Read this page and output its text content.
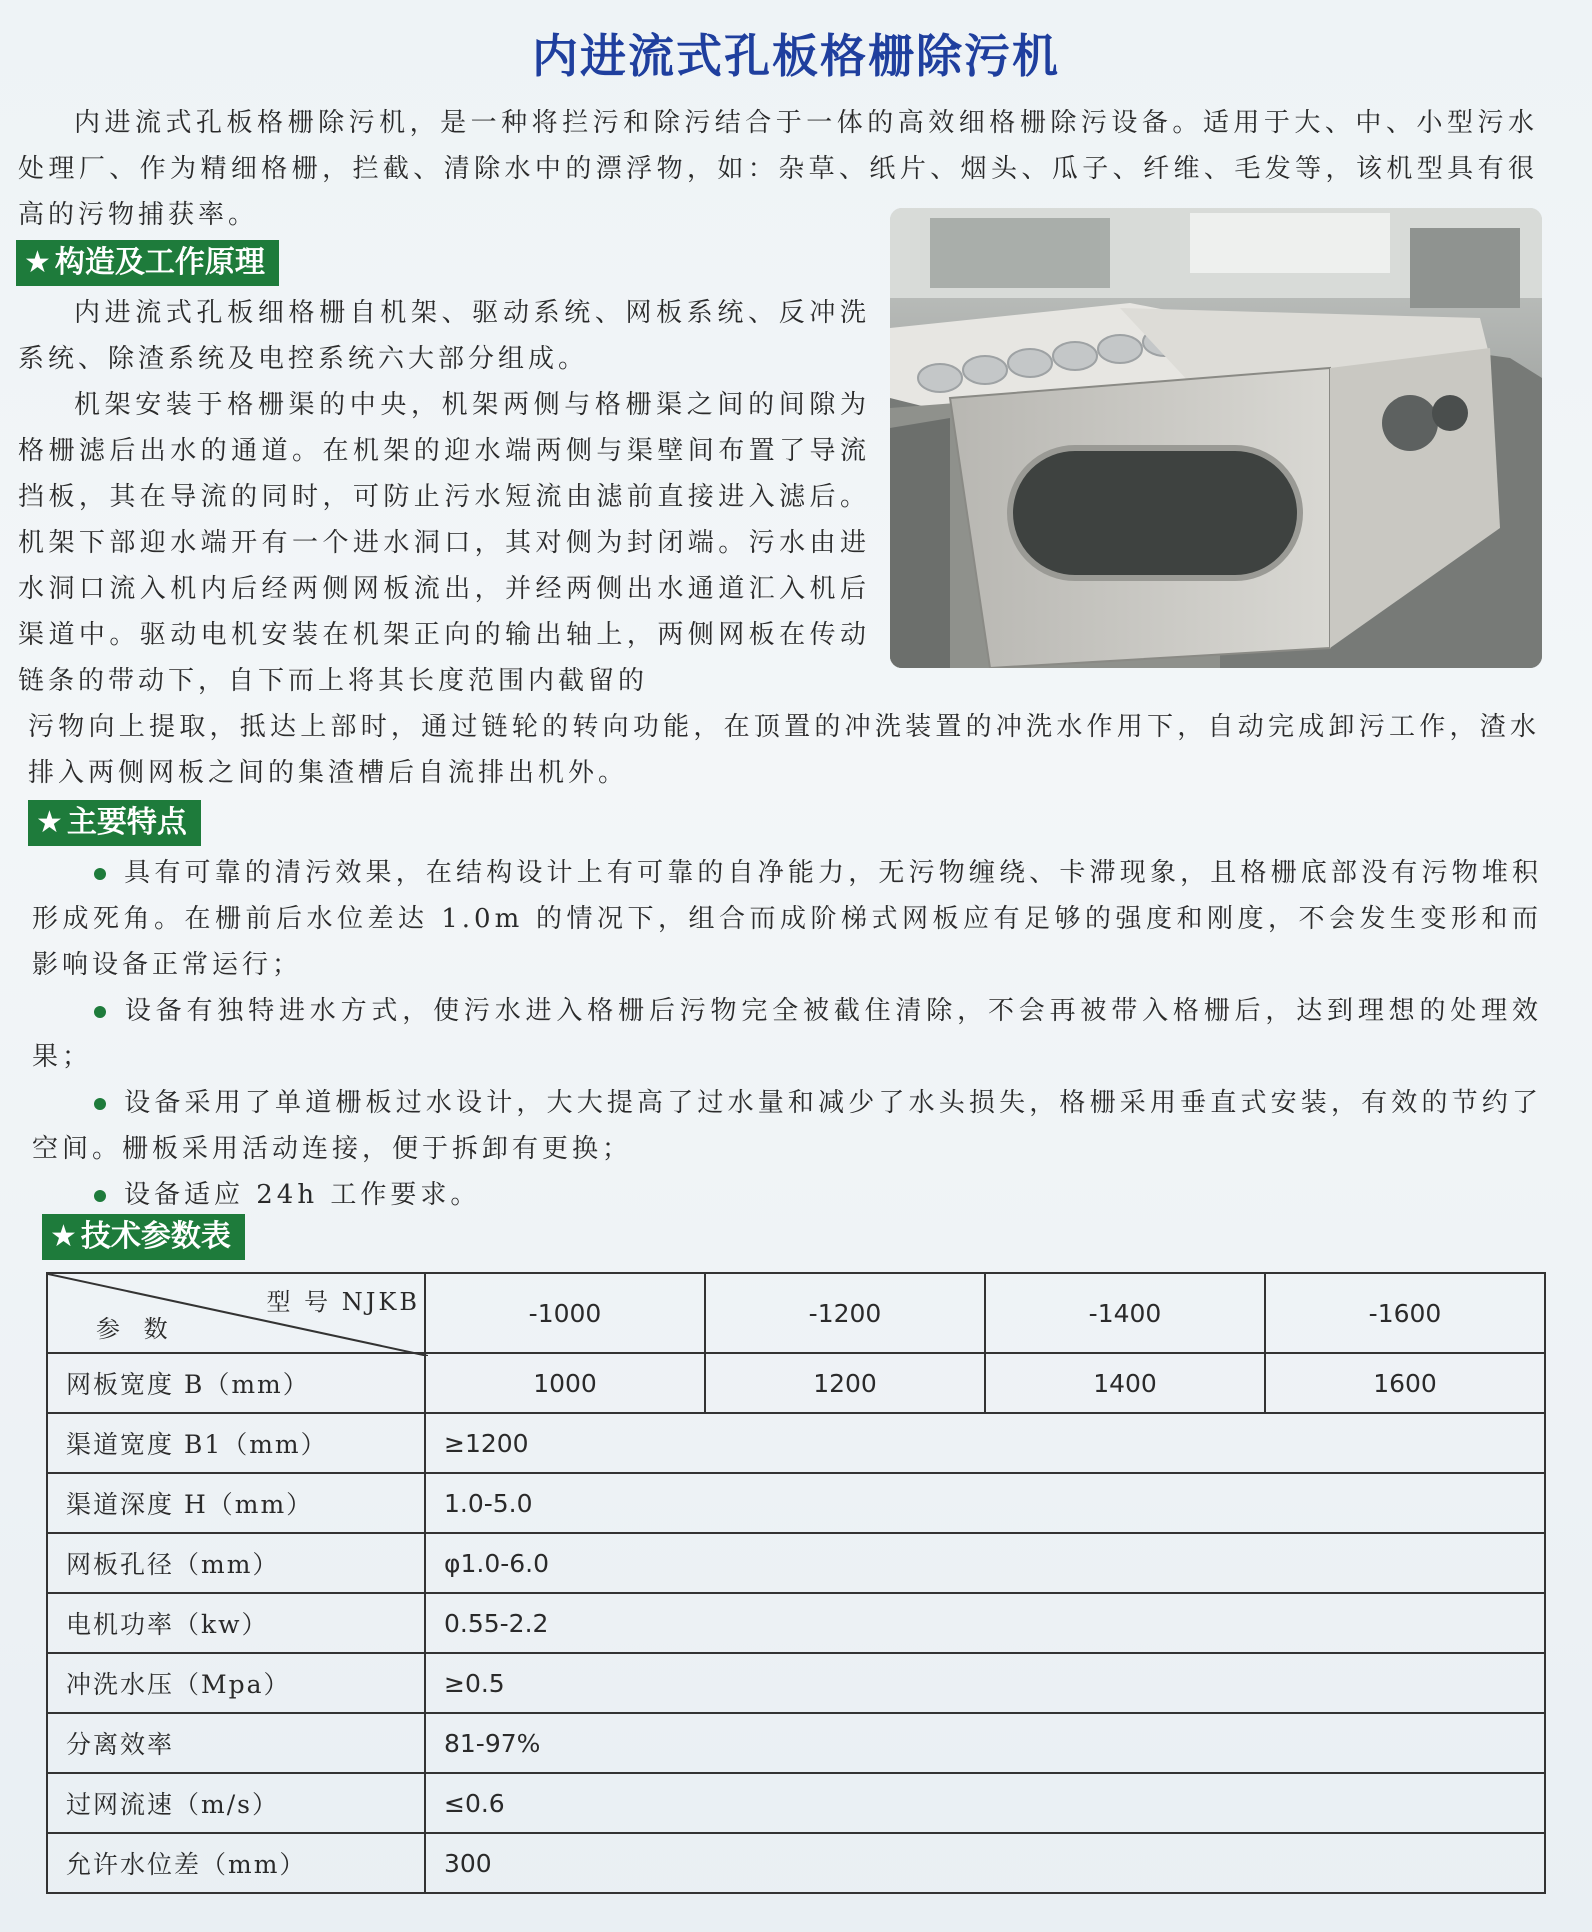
内进流式孔板格栅除污机

内进流式孔板格栅除污机，是一种将拦污和除污结合于一体的高效细格栅除污设备。适用于大、中、小型污水处理厂、作为精细格栅，拦截、清除水中的漂浮物，如：杂草、纸片、烟头、瓜子、纤维、毛发等，该机型具有很高的污物捕获率。

★ 构造及工作原理

内进流式孔板细格栅自机架、驱动系统、网板系统、反冲洗系统、除渣系统及电控系统六大部分组成。

机架安装于格栅渠的中央，机架两侧与格栅渠之间的间隙为格栅滤后出水的通道。在机架的迎水端两侧与渠壁间布置了导流挡板，其在导流的同时，可防止污水短流由滤前直接进入滤后。机架下部迎水端开有一个进水洞口，其对侧为封闭端。污水由进水洞口流入机内后经两侧网板流出，并经两侧出水通道汇入机后渠道中。驱动电机安装在机架正向的输出轴上，两侧网板在传动链条的带动下，自下而上将其长度范围内截留的

污物向上提取，抵达上部时，通过链轮的转向功能，在顶置的冲洗装置的冲洗水作用下，自动完成卸污工作，渣水排入两侧网板之间的集渣槽后自流排出机外。

★ 主要特点

具有可靠的清污效果，在结构设计上有可靠的自净能力，无污物缠绕、卡滞现象，且格栅底部没有污物堆积形成死角。在栅前后水位差达 1.0m 的情况下，组合而成阶梯式网板应有足够的强度和刚度，不会发生变形和而影响设备正常运行；

设备有独特进水方式，使污水进入格栅后污物完全被截住清除，不会再被带入格栅后，达到理想的处理效果；

设备采用了单道栅板过水设计，大大提高了过水量和减少了水头损失，格栅采用垂直式安装，有效的节约了空间。栅板采用活动连接，便于拆卸有更换；

设备适应 24h 工作要求。

★ 技术参数表
型 号 NJKB
参 数	-1000	-1200	-1400	-1600
网板宽度 B（mm）	1000	1200	1400	1600
渠道宽度 B1（mm）	≥1200			
渠道深度 H（mm）	1.0-5.0			
网板孔径（mm）	φ1.0-6.0			
电机功率（kw）	0.55-2.2			
冲洗水压（Mpa）	≥0.5			
分离效率	81-97%			
过网流速（m/s）	≤0.6			
允许水位差（mm）	300			
